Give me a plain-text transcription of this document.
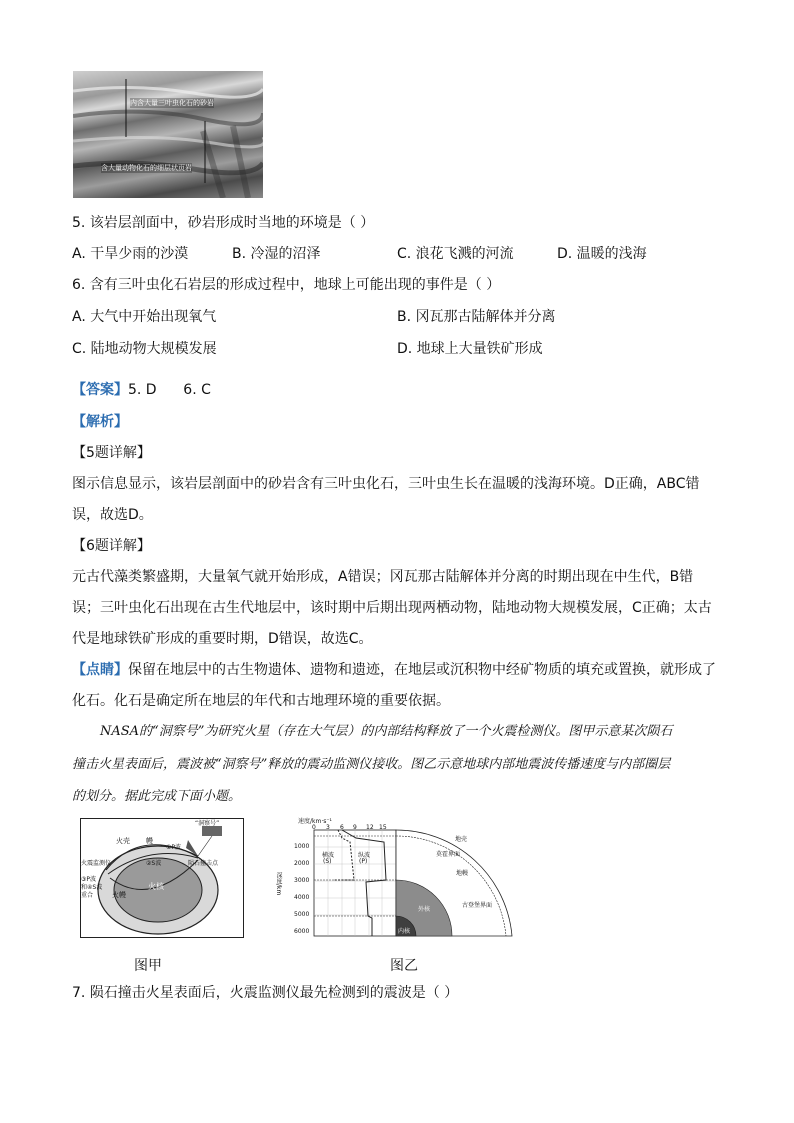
内含大量三叶虫化石的砂岩
含大量动物化石的细层状页岩
5. 该岩层剖面中，砂岩形成时当地的环境是（ ）
A. 干旱少雨的沙漠	B. 冷湿的沼泽	C. 浪花飞溅的河流	D. 温暖的浅海
6. 含有三叶虫化石岩层的形成过程中，地球上可能出现的事件是（ ）
A. 大气中开始出现氧气	B. 冈瓦那古陆解体并分离
C. 陆地动物大规模发展	D. 地球上大量铁矿形成
【答案】5. D      6. C
【解析】
【5题详解】
图示信息显示，该岩层剖面中的砂岩含有三叶虫化石，三叶虫生长在温暖的浅海环境。D正确，ABC错
误，故选D。
【6题详解】
元古代藻类繁盛期，大量氧气就开始形成，A错误；冈瓦那古陆解体并分离的时期出现在中生代，B错
误；三叶虫化石出现在古生代地层中，该时期中后期出现两栖动物，陆地动物大规模发展，C正确；太古
代是地球铁矿形成的重要时期，D错误，故选C。
【点睛】保留在地层中的古生物遗体、遗物和遗迹，在地层或沉积物中经矿物质的填充或置换，就形成了
化石。化石是确定所在地层的年代和古地理环境的重要依据。
NASA的“洞察号”为研究火星（存在大气层）的内部结构释放了一个火震检测仪。图甲示意某次陨石
撞击火星表面后，震波被“洞察号”释放的震动监测仪接收。图乙示意地球内部地震波传播速度与内部圈层
的划分。据此完成下面小题。
“洞察号”
火壳 幔
①P波
②S波
火震监测仪	陨石撞击点
火核
火幔
③P波
和④S波
重合
图甲
速度/km·s⁻¹
0 3 6 9 12 15
深度/km
1000
2000
3000
4000
5000
6000
横波
(S)
纵波
(P)
地壳
莫霍界面
地幔
古登堡界面
外核
内核
图乙
7. 陨石撞击火星表面后，火震监测仪最先检测到的震波是（ ）
